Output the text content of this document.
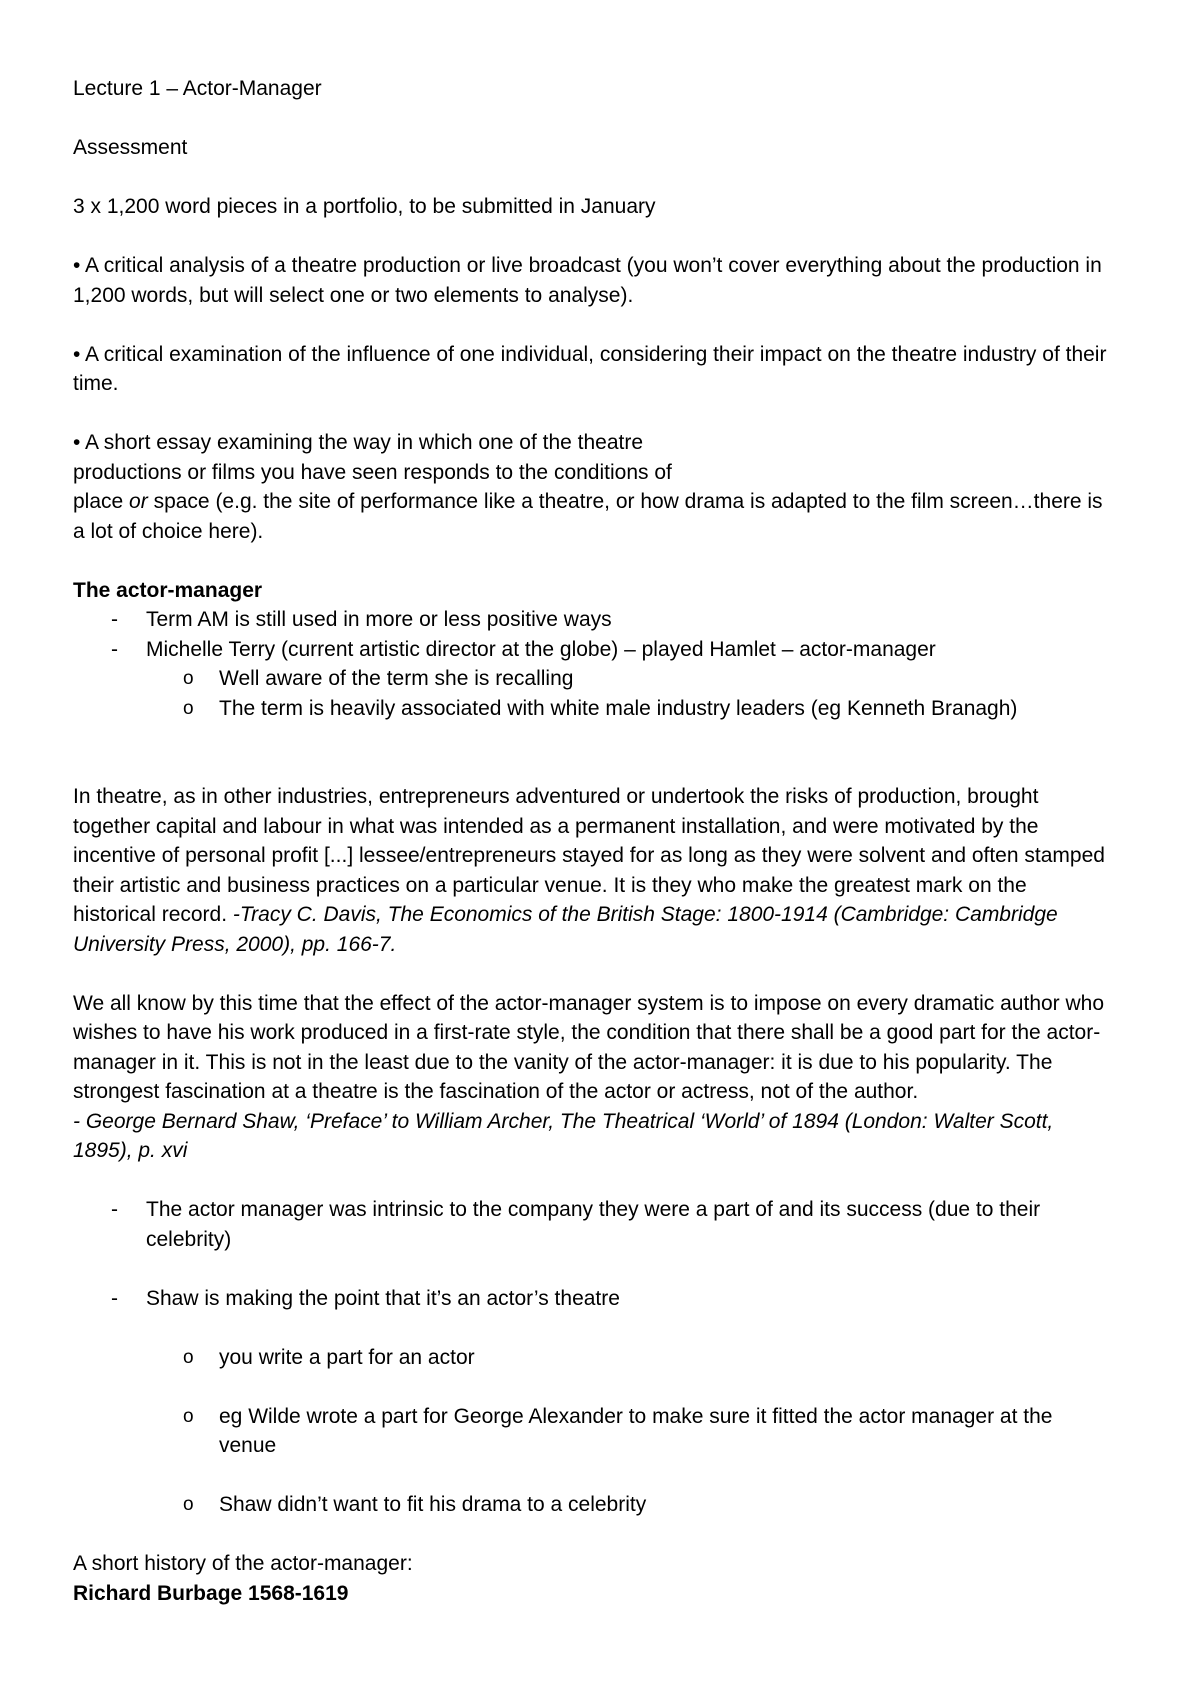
Lecture 1 – Actor-Manager

Assessment

3 x 1,200 word pieces in a portfolio, to be submitted in January

• A critical analysis of a theatre production or live broadcast (you won’t cover everything about the production in 1,200 words, but will select one or two elements to analyse).

• A critical examination of the influence of one individual, considering their impact on the theatre industry of their time.

• A short essay examining the way in which one of the theatre
productions or films you have seen responds to the conditions of
place or space (e.g. the site of performance like a theatre, or how drama is adapted to the film screen…there is a lot of choice here).

The actor-manager

- Term AM is still used in more or less positive ways
- Michelle Terry (current artistic director at the globe) – played Hamlet – actor-manager
o Well aware of the term she is recalling
o The term is heavily associated with white male industry leaders (eg Kenneth Branagh)

In theatre, as in other industries, entrepreneurs adventured or undertook the risks of production, brought together capital and labour in what was intended as a permanent installation, and were motivated by the incentive of personal profit [...] lessee/entrepreneurs stayed for as long as they were solvent and often stamped their artistic and business practices on a particular venue. It is they who make the greatest mark on the historical record. -Tracy C. Davis, The Economics of the British Stage: 1800-1914 (Cambridge: Cambridge University Press, 2000), pp. 166-7.

We all know by this time that the effect of the actor-manager system is to impose on every dramatic author who wishes to have his work produced in a first-rate style, the condition that there shall be a good part for the actor-manager in it. This is not in the least due to the vanity of the actor-manager: it is due to his popularity. The strongest fascination at a theatre is the fascination of the actor or actress, not of the author.

- George Bernard Shaw, ‘Preface’ to William Archer, The Theatrical ‘World’ of 1894 (London: Walter Scott, 1895), p. xvi

- The actor manager was intrinsic to the company they were a part of and its success (due to their celebrity)
- Shaw is making the point that it’s an actor’s theatre
o you write a part for an actor
o eg Wilde wrote a part for George Alexander to make sure it fitted the actor manager at the venue
o Shaw didn’t want to fit his drama to a celebrity

A short history of the actor-manager:

Richard Burbage 1568-1619
